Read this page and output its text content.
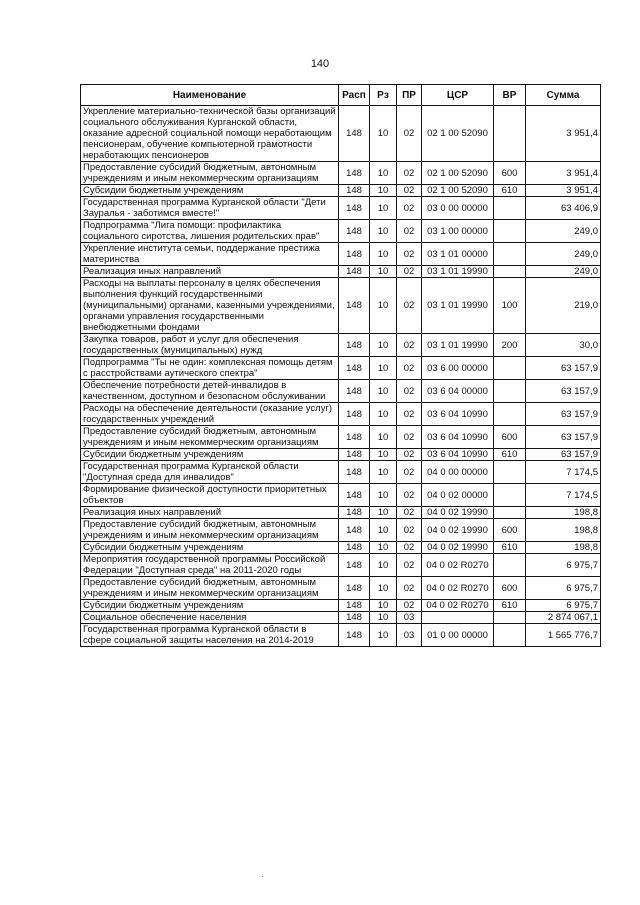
140
Наименование	Расп	Рз	ПР	ЦСР	ВР	Сумма
Укрепление материально-технической базы организаций социального обслуживания Курганской области, оказание адресной социальной помощи неработающим пенсионерам, обучение компьютерной грамотности неработающих пенсионеров	148	10	02	02 1 00 52090		3 951,4
Предоставление субсидий бюджетным, автономным учреждениям и иным некоммерческим организациям	148	10	02	02 1 00 52090	600	3 951,4
Субсидии бюджетным учреждениям	148	10	02	02 1 00 52090	610	3 951,4
Государственная программа Курганской области "Дети Зауралья - заботимся вместе!"	148	10	02	03 0 00 00000		63 406,9
Подпрограмма "Лига помощи: профилактика социального сиротства, лишения родительских прав"	148	10	02	03 1 00 00000		249,0
Укрепление института семьи, поддержание престижа материнства	148	10	02	03 1 01 00000		249,0
Реализация иных направлений	148	10	02	03 1 01 19990		249,0
Расходы на выплаты персоналу в целях обеспечения выполнения функций государственными (муниципальными) органами, казенными учреждениями, органами управления государственными внебюджетными фондами	148	10	02	03 1 01 19990	100	219,0
Закупка товаров, работ и услуг для обеспечения государственных (муниципальных) нужд	148	10	02	03 1 01 19990	200	30,0
Подпрограмма "Ты не один: комплексная помощь детям с расстройствами аутического спектра"	148	10	02	03 6 00 00000		63 157,9
Обеспечение потребности детей-инвалидов в качественном, доступном и безопасном обслуживании	148	10	02	03 6 04 00000		63 157,9
Расходы на обеспечение деятельности (оказание услуг) государственных учреждений	148	10	02	03 6 04 10990		63 157,9
Предоставление субсидий бюджетным, автономным учреждениям и иным некоммерческим организациям	148	10	02	03 6 04 10990	600	63 157,9
Субсидии бюджетным учреждениям	148	10	02	03 6 04 10990	610	63 157,9
Государственная программа Курганской области "Доступная среда для инвалидов"	148	10	02	04 0 00 00000		7 174,5
Формирование физической доступности приоритетных объектов	148	10	02	04 0 02 00000		7 174,5
Реализация иных направлений	148	10	02	04 0 02 19990		198,8
Предоставление субсидий бюджетным, автономным учреждениям и иным некоммерческим организациям	148	10	02	04 0 02 19990	600	198,8
Субсидии бюджетным учреждениям	148	10	02	04 0 02 19990	610	198,8
Мероприятия государственной программы Российской Федерации "Доступная среда" на 2011-2020 годы	148	10	02	04 0 02 R0270		6 975,7
Предоставление субсидий бюджетным, автономным учреждениям и иным некоммерческим организациям	148	10	02	04 0 02 R0270	600	6 975,7
Субсидии бюджетным учреждениям	148	10	02	04 0 02 R0270	610	6 975,7
Социальное обеспечение населения	148	10	03			2 874 067,1
Государственная программа Курганской области в сфере социальной защиты населения на 2014-2019	148	10	03	01 0 00 00000		1 565 776,7
